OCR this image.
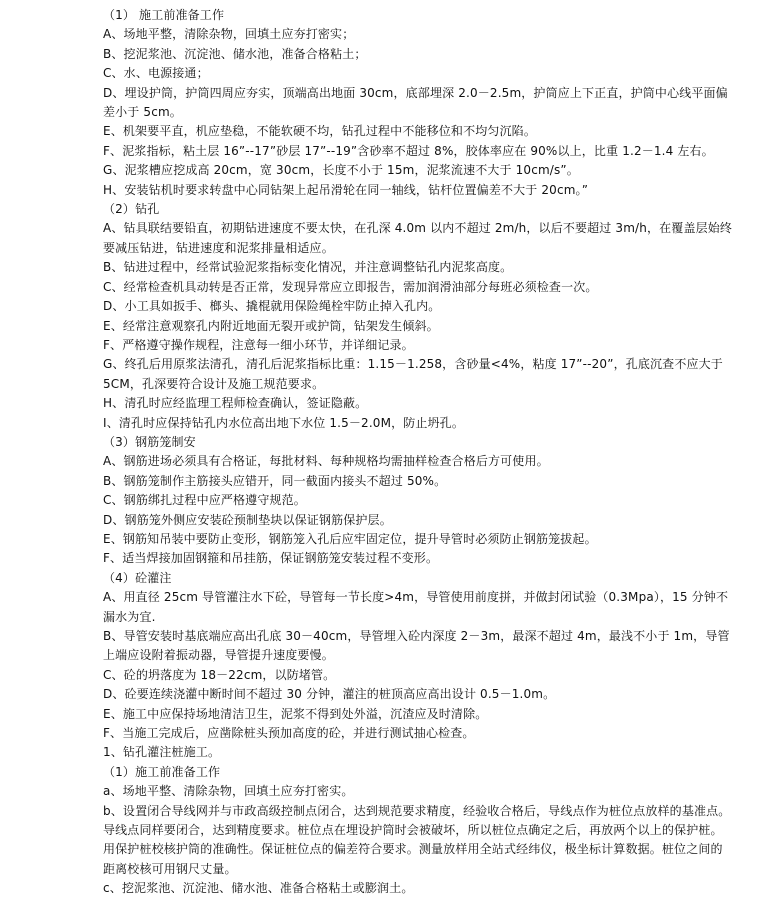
（1） 施工前准备工作
A、场地平整，清除杂物，回填土应夯打密实；
B、挖泥浆池、沉淀池、储水池，准备合格粘土；
C、水、电源接通；
D、埋设护筒，护筒四周应夯实，顶端高出地面 30cm，底部埋深 2.0－2.5m，护筒应上下正直，护筒中心线平面偏差小于 5cm。
E、机架要平直，机应垫稳，不能软硬不均，钻孔过程中不能移位和不均匀沉陷。
F、泥浆指标，粘土层 16”--17”砂层 17”--19”含砂率不超过 8%，胶体率应在 90%以上，比重 1.2－1.4 左右。
G、泥浆槽应挖成高 20cm，宽 30cm，长度不小于 15m，泥浆流速不大于 10cm/s”。
H、安装钻机时要求转盘中心同钻架上起吊滑轮在同一轴线，钻杆位置偏差不大于 20cm。”
（2）钻孔
A、钻具联结要铅直，初期钻进速度不要太快，在孔深 4.0m 以内不超过 2m/h，以后不要超过 3m/h，在覆盖层始终要减压钻进，钻进速度和泥浆排量相适应。
B、钻进过程中，经常试验泥浆指标变化情况，并注意调整钻孔内泥浆高度。
C、经常检查机具动转是否正常，发现异常应立即报告，需加润滑油部分每班必须检查一次。
D、小工具如扳手、榔头、撬棍就用保险绳栓牢防止掉入孔内。
E、经常注意观察孔内附近地面无裂开或护筒，钻架发生倾斜。
F、严格遵守操作规程，注意每一细小环节，并详细记录。
G、终孔后用原浆法清孔，清孔后泥浆指标比重：1.15－1.258，含砂量<4%，粘度 17”--20”，孔底沉查不应大于 5CM，孔深要符合设计及施工规范要求。
H、清孔时应经监理工程师检查确认，签证隐蔽。
I、清孔时应保持钻孔内水位高出地下水位 1.5－2.0M，防止坍孔。
（3）钢筋笼制安
A、钢筋进场必须具有合格证，每批材料、每种规格均需抽样检查合格后方可使用。
B、钢筋笼制作主筋接头应错开，同一截面内接头不超过 50%。
C、钢筋绑扎过程中应严格遵守规范。
D、钢筋笼外侧应安装砼预制垫块以保证钢筋保护层。
E、钢筋知吊装中要防止变形，钢筋笼入孔后应牢固定位，提升导管时必须防止钢筋笼拔起。
F、适当焊接加固钢箍和吊挂筋，保证钢筋笼安装过程不变形。
（4）砼灌注
A、用直径 25cm 导管灌注水下砼，导管每一节长度>4m，导管使用前度拼，并做封闭试验（0.3Mpa），15 分钟不漏水为宜.
B、导管安装时基底端应高出孔底 30－40cm，导管埋入砼内深度 2－3m，最深不超过 4m，最浅不小于 1m，导管上端应设附着振动器，导管提升速度要慢。
C、砼的坍落度为 18－22cm，以防堵管。
D、砼要连续浇灌中断时间不超过 30 分钟，灌注的桩顶高应高出设计 0.5－1.0m。
E、施工中应保持场地清洁卫生，泥浆不得到处外溢，沉渣应及时清除。
F、当施工完成后，应凿除桩头预加高度的砼，并进行测试抽心检查。
1、钻孔灌注桩施工。
（1）施工前准备工作
a、场地平整、清除杂物，回填土应夯打密实。
b、设置闭合导线网并与市政高级控制点闭合，达到规范要求精度，经验收合格后，导线点作为桩位点放样的基准点。导线点同样要闭合，达到精度要求。桩位点在埋设护筒时会被破坏，所以桩位点确定之后，再放两个以上的保护桩。用保护桩校核护筒的准确性。保证桩位点的偏差符合要求。测量放样用全站式经纬仪，极坐标计算数据。桩位之间的距离校核可用钢尺丈量。
c、挖泥浆池、沉淀池、储水池、准备合格粘土或膨润土。
